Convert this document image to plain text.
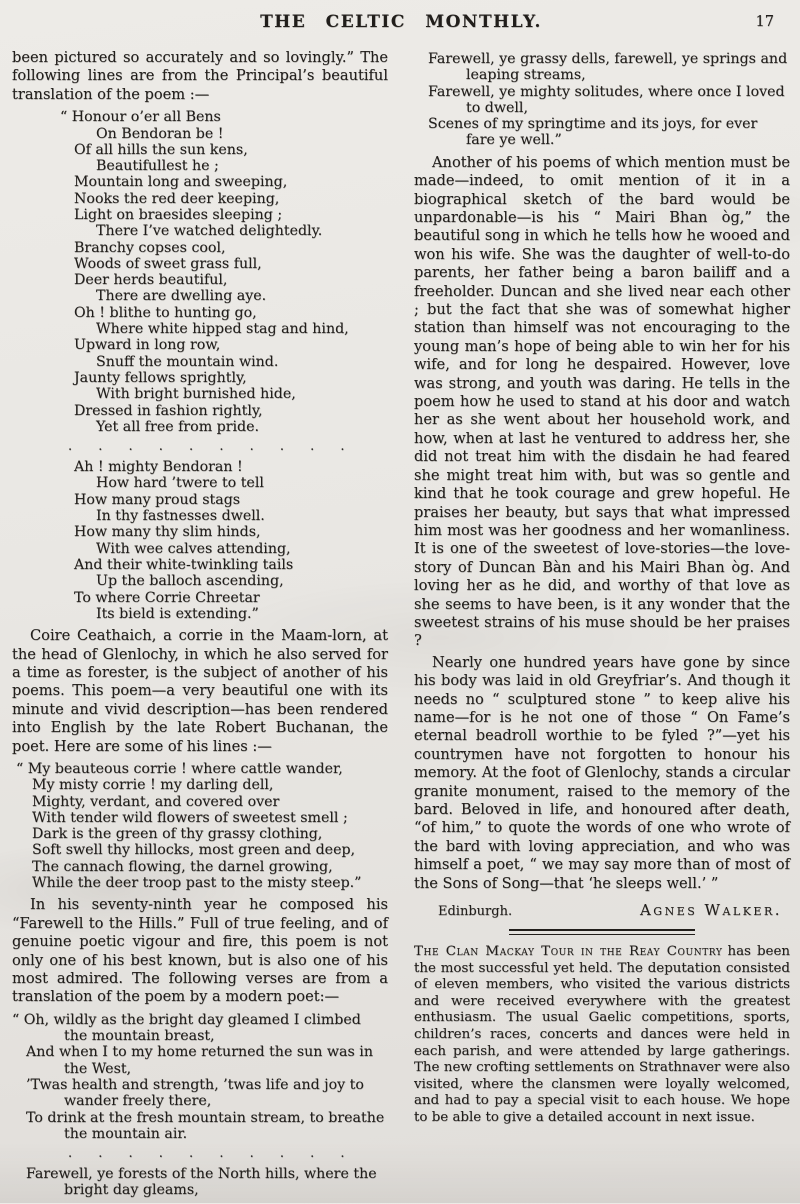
THE CELTIC MONTHLY.	17

been pictured so accurately and so lovingly.” The following lines are from the Principal’s beautiful translation of the poem :—

“ Honour o’er all Bens
On Bendoran be !
Of all hills the sun kens,
Beautifullest he ;
Mountain long and sweeping,
Nooks the red deer keeping,
Light on braesides sleeping ;
There I’ve watched delightedly.
Branchy copses cool,
Woods of sweet grass full,
Deer herds beautiful,
There are dwelling aye.
Oh ! blithe to hunting go,
Where white hipped stag and hind,
Upward in long row,
Snuff the mountain wind.
Jaunty fellows sprightly,
With bright burnished hide,
Dressed in fashion rightly,
Yet all free from pride.
. . . . . . . . . .
Ah ! mighty Bendoran !
How hard ’twere to tell
How many proud stags
In thy fastnesses dwell.
How many thy slim hinds,
With wee calves attending,
And their white-twinkling tails
Up the balloch ascending,
To where Corrie Chreetar
Its bield is extending.”

Coire Ceathaich, a corrie in the Maam-lorn, at the head of Glenlochy, in which he also served for a time as forester, is the subject of another of his poems. This poem—a very beautiful one with its minute and vivid description—has been rendered into English by the late Robert Buchanan, the poet. Here are some of his lines :—

“ My beauteous corrie ! where cattle wander,
My misty corrie ! my darling dell,
Mighty, verdant, and covered over
With tender wild flowers of sweetest smell ;
Dark is the green of thy grassy clothing,
Soft swell thy hillocks, most green and deep,
The cannach flowing, the darnel growing,
While the deer troop past to the misty steep.”

In his seventy-ninth year he composed his “Farewell to the Hills.” Full of true feeling, and of genuine poetic vigour and fire, this poem is not only one of his best known, but is also one of his most admired. The following verses are from a translation of the poem by a modern poet:—

“ Oh, wildly as the bright day gleamed I climbed
the mountain breast,
And when I to my home returned the sun was in
the West,
’Twas health and strength, ’twas life and joy to
wander freely there,
To drink at the fresh mountain stream, to breathe
the mountain air.
. . . . . . . . . .
Farewell, ye forests of the North hills, where the
bright day gleams,
Farewell, ye grassy dells, farewell, ye springs and
leaping streams,
Farewell, ye mighty solitudes, where once I loved
to dwell,
Scenes of my springtime and its joys, for ever
fare ye well.”

Another of his poems of which mention must be made—indeed, to omit mention of it in a biographical sketch of the bard would be unpardonable—is his “ Mairi Bhan òg,” the beautiful song in which he tells how he wooed and won his wife. She was the daughter of well-to-do parents, her father being a baron bailiff and a freeholder. Duncan and she lived near each other ; but the fact that she was of somewhat higher station than himself was not encouraging to the young man’s hope of being able to win her for his wife, and for long he despaired. However, love was strong, and youth was daring. He tells in the poem how he used to stand at his door and watch her as she went about her household work, and how, when at last he ventured to address her, she did not treat him with the disdain he had feared she might treat him with, but was so gentle and kind that he took courage and grew hopeful. He praises her beauty, but says that what impressed him most was her goodness and her womanliness. It is one of the sweetest of love-stories—the love-story of Duncan Bàn and his Mairi Bhan òg. And loving her as he did, and worthy of that love as she seems to have been, is it any wonder that the sweetest strains of his muse should be her praises ?

Nearly one hundred years have gone by since his body was laid in old Greyfriar’s. And though it needs no “ sculptured stone ” to keep alive his name—for is he not one of those “ On Fame’s eternal beadroll worthie to be fyled ?”—yet his countrymen have not forgotten to honour his memory. At the foot of Glenlochy, stands a circular granite monument, raised to the memory of the bard. Beloved in life, and honoured after death, “of him,” to quote the words of one who wrote of the bard with loving appreciation, and who was himself a poet, “ we may say more than of most of the Sons of Song—that ‘he sleeps well.’ ”

Edinburgh.	Agnes Walker.

The Clan Mackay Tour in the Reay Country has been the most successful yet held. The deputation consisted of eleven members, who visited the various districts and were received everywhere with the greatest enthusiasm. The usual Gaelic competitions, sports, children’s races, concerts and dances were held in each parish, and were attended by large gatherings. The new crofting settlements on Strathnaver were also visited, where the clansmen were loyally welcomed, and had to pay a special visit to each house. We hope to be able to give a detailed account in next issue.
